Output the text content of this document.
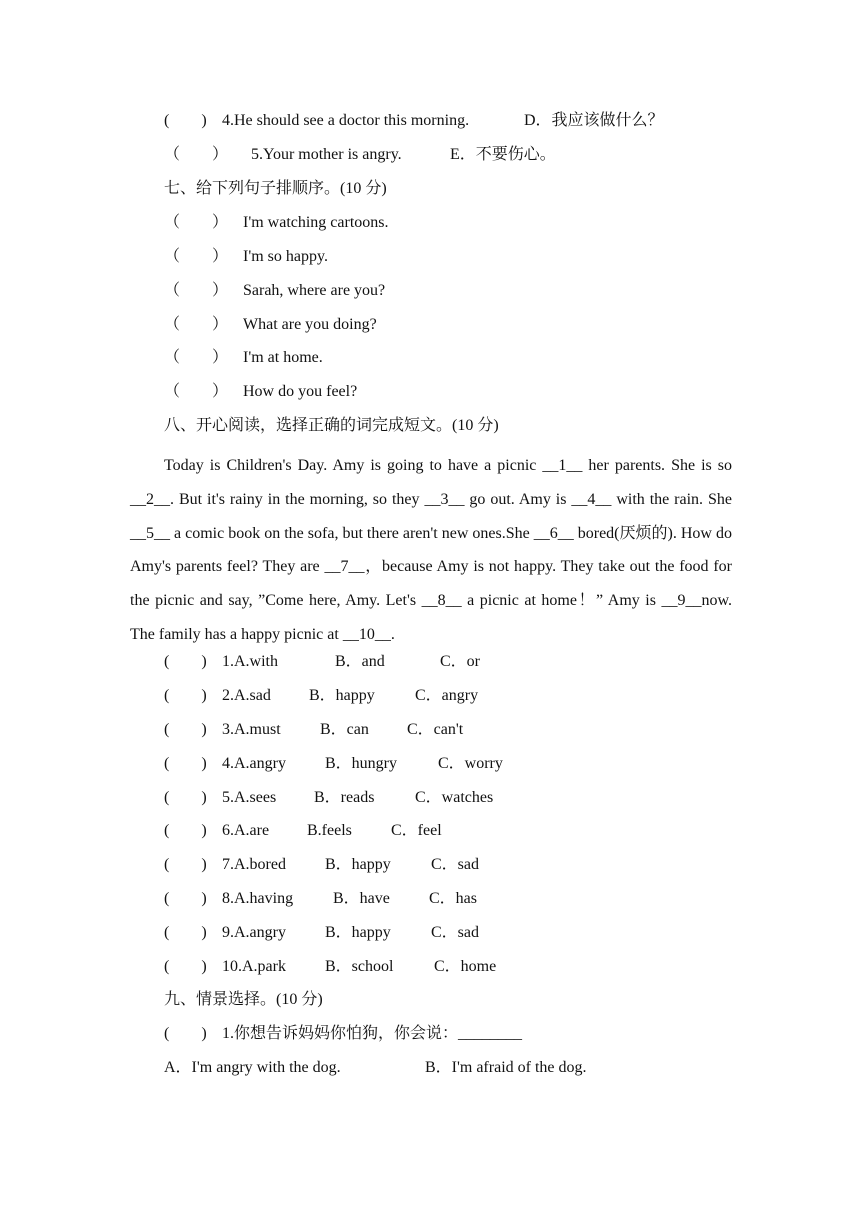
(　　) 4.He should see a doctor this morning.	D．我应该做什么？
（　　） 5.Your mother is angry.	E．不要伤心。
七、给下列句子排顺序。(10 分)
（　　） I'm watching cartoons.
（　　） I'm so happy.
（　　） Sarah, where are you?
（　　） What are you doing?
（　　） I'm at home.
（　　） How do you feel?
八、开心阅读，选择正确的词完成短文。(10 分)
Today is Children's Day. Amy is going to have a picnic __1__ her parents. She is so __2__. But it's rainy in the morning, so they __3__ go out. Amy is __4__ with the rain. She __5__ a comic book on the sofa, but there aren't new ones.She __6__ bored(厌烦的). How do Amy's parents feel? They are __7__，because Amy is not happy. They take out the food for the picnic and say, ”Come here, Amy. Let's __8__ a picnic at home！” Amy is __9__now. The family has a happy picnic at __10__.
(　　) 1.A.with	B．and	C．or
(　　) 2.A.sad B．happy	C．angry
(　　) 3.A.must B．can C．can't
(　　) 4.A.angry B．hungry	C．worry
(　　) 5.A.sees B．reads	C．watches
(　　) 6.A.are B.feels C．feel
(　　) 7.A.bored B．happy	C．sad
(　　) 8.A.having B．have C．has
(　　) 9.A.angry B．happy	C．sad
(　　) 10.A.park B．school	C．home
九、情景选择。(10 分)
(　　) 1.你想告诉妈妈你怕狗，你会说：________
A．I'm angry with the dog.	B．I'm afraid of the dog.
